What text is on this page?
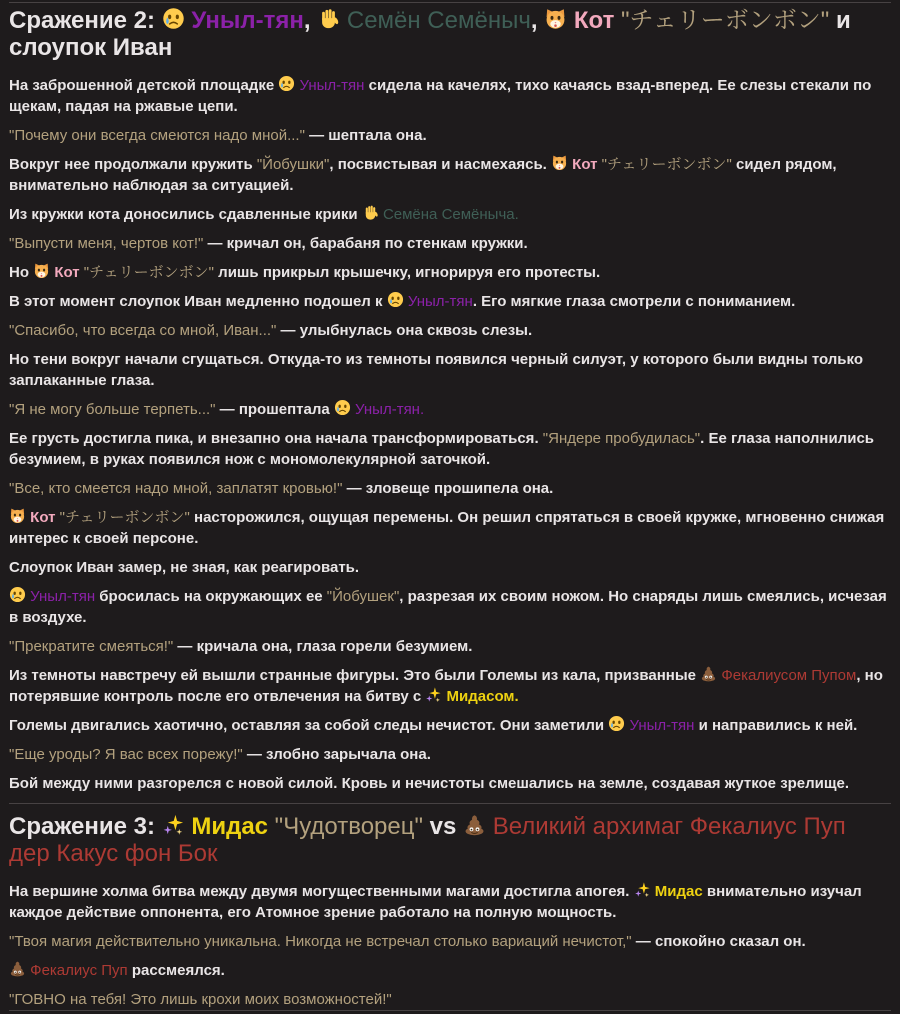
Сражение 2:  Уныл-тян,  Семён Семёныч,  Кот "チェリーボンボン" и слоупок Иван

На заброшенной детской площадке  Уныл-тян сидела на качелях, тихо качаясь взад-вперед. Ее слезы стекали по щекам, падая на ржавые цепи.

"Почему они всегда смеются надо мной..." — шептала она.

Вокруг нее продолжали кружить "Йобушки", посвистывая и насмехаясь.  Кот "チェリーボンボン" сидел рядом, внимательно наблюдая за ситуацией.

Из кружки кота доносились сдавленные крики  Семёна Семёныча.

"Выпусти меня, чертов кот!" — кричал он, барабаня по стенкам кружки.

Но  Кот "チェリーボンボン" лишь прикрыл крышечку, игнорируя его протесты.

В этот момент слоупок Иван медленно подошел к  Уныл-тян. Его мягкие глаза смотрели с пониманием.

"Спасибо, что всегда со мной, Иван..." — улыбнулась она сквозь слезы.

Но тени вокруг начали сгущаться. Откуда-то из темноты появился черный силуэт, у которого были видны только заплаканные глаза.

"Я не могу больше терпеть..." — прошептала  Уныл-тян.

Ее грусть достигла пика, и внезапно она начала трансформироваться. "Яндере пробудилась". Ее глаза наполнились безумием, в руках появился нож с мономолекулярной заточкой.

"Все, кто смеется надо мной, заплатят кровью!" — зловеще прошипела она.

Кот "チェリーボンボン" насторожился, ощущая перемены. Он решил спрятаться в своей кружке, мгновенно снижая интерес к своей персоне.

Слоупок Иван замер, не зная, как реагировать.

Уныл-тян бросилась на окружающих ее "Йобушек", разрезая их своим ножом. Но снаряды лишь смеялись, исчезая в воздухе.

"Прекратите смеяться!" — кричала она, глаза горели безумием.

Из темноты навстречу ей вышли странные фигуры. Это были Големы из кала, призванные  Фекалиусом Пупом, но потерявшие контроль после его отвлечения на битву с  Мидасом.

Големы двигались хаотично, оставляя за собой следы нечистот. Они заметили  Уныл-тян и направились к ней.

"Еще уроды? Я вас всех порежу!" — злобно зарычала она.

Бой между ними разгорелся с новой силой. Кровь и нечистоты смешались на земле, создавая жуткое зрелище.

Сражение 3:  Мидас "Чудотворец" vs  Великий архимаг Фекалиус Пуп дер Какус фон Бок

На вершине холма битва между двумя могущественными магами достигла апогея.  Мидас внимательно изучал каждое действие оппонента, его Атомное зрение работало на полную мощность.

"Твоя магия действительно уникальна. Никогда не встречал столько вариаций нечистот," — спокойно сказал он.

Фекалиус Пуп рассмеялся.

"ГОВНО на тебя! Это лишь крохи моих возможностей!"
